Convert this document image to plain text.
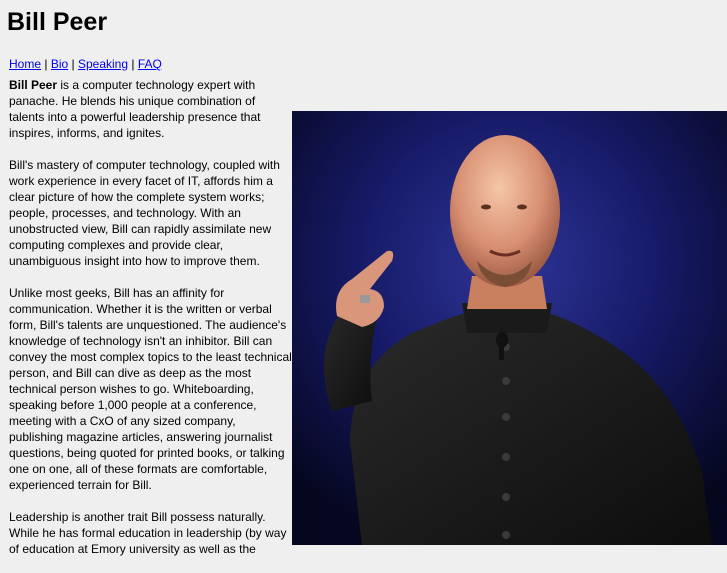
Bill Peer
Home | Bio | Speaking | FAQ

Bill Peer is a computer technology expert with panache. He blends his unique combination of talents into a powerful leadership presence that inspires, informs, and ignites.

Bill's mastery of computer technology, coupled with work experience in every facet of IT, affords him a clear picture of how the complete system works; people, processes, and technology. With an unobstructed view, Bill can rapidly assimilate new computing complexes and provide clear, unambiguous insight into how to improve them.

Unlike most geeks, Bill has an affinity for communication. Whether it is the written or verbal form, Bill's talents are unquestioned. The audience's knowledge of technology isn't an inhibitor. Bill can convey the most complex topics to the least technical person, and Bill can dive as deep as the most technical person wishes to go. Whiteboarding, speaking before 1,000 people at a conference, meeting with a CxO of any sized company, publishing magazine articles, answering journalist questions, being quoted for printed books, or talking one on one, all of these formats are comfortable, experienced terrain for Bill.

Leadership is another trait Bill possess naturally. While he has formal education in leadership (by way of education at Emory university as well as the
